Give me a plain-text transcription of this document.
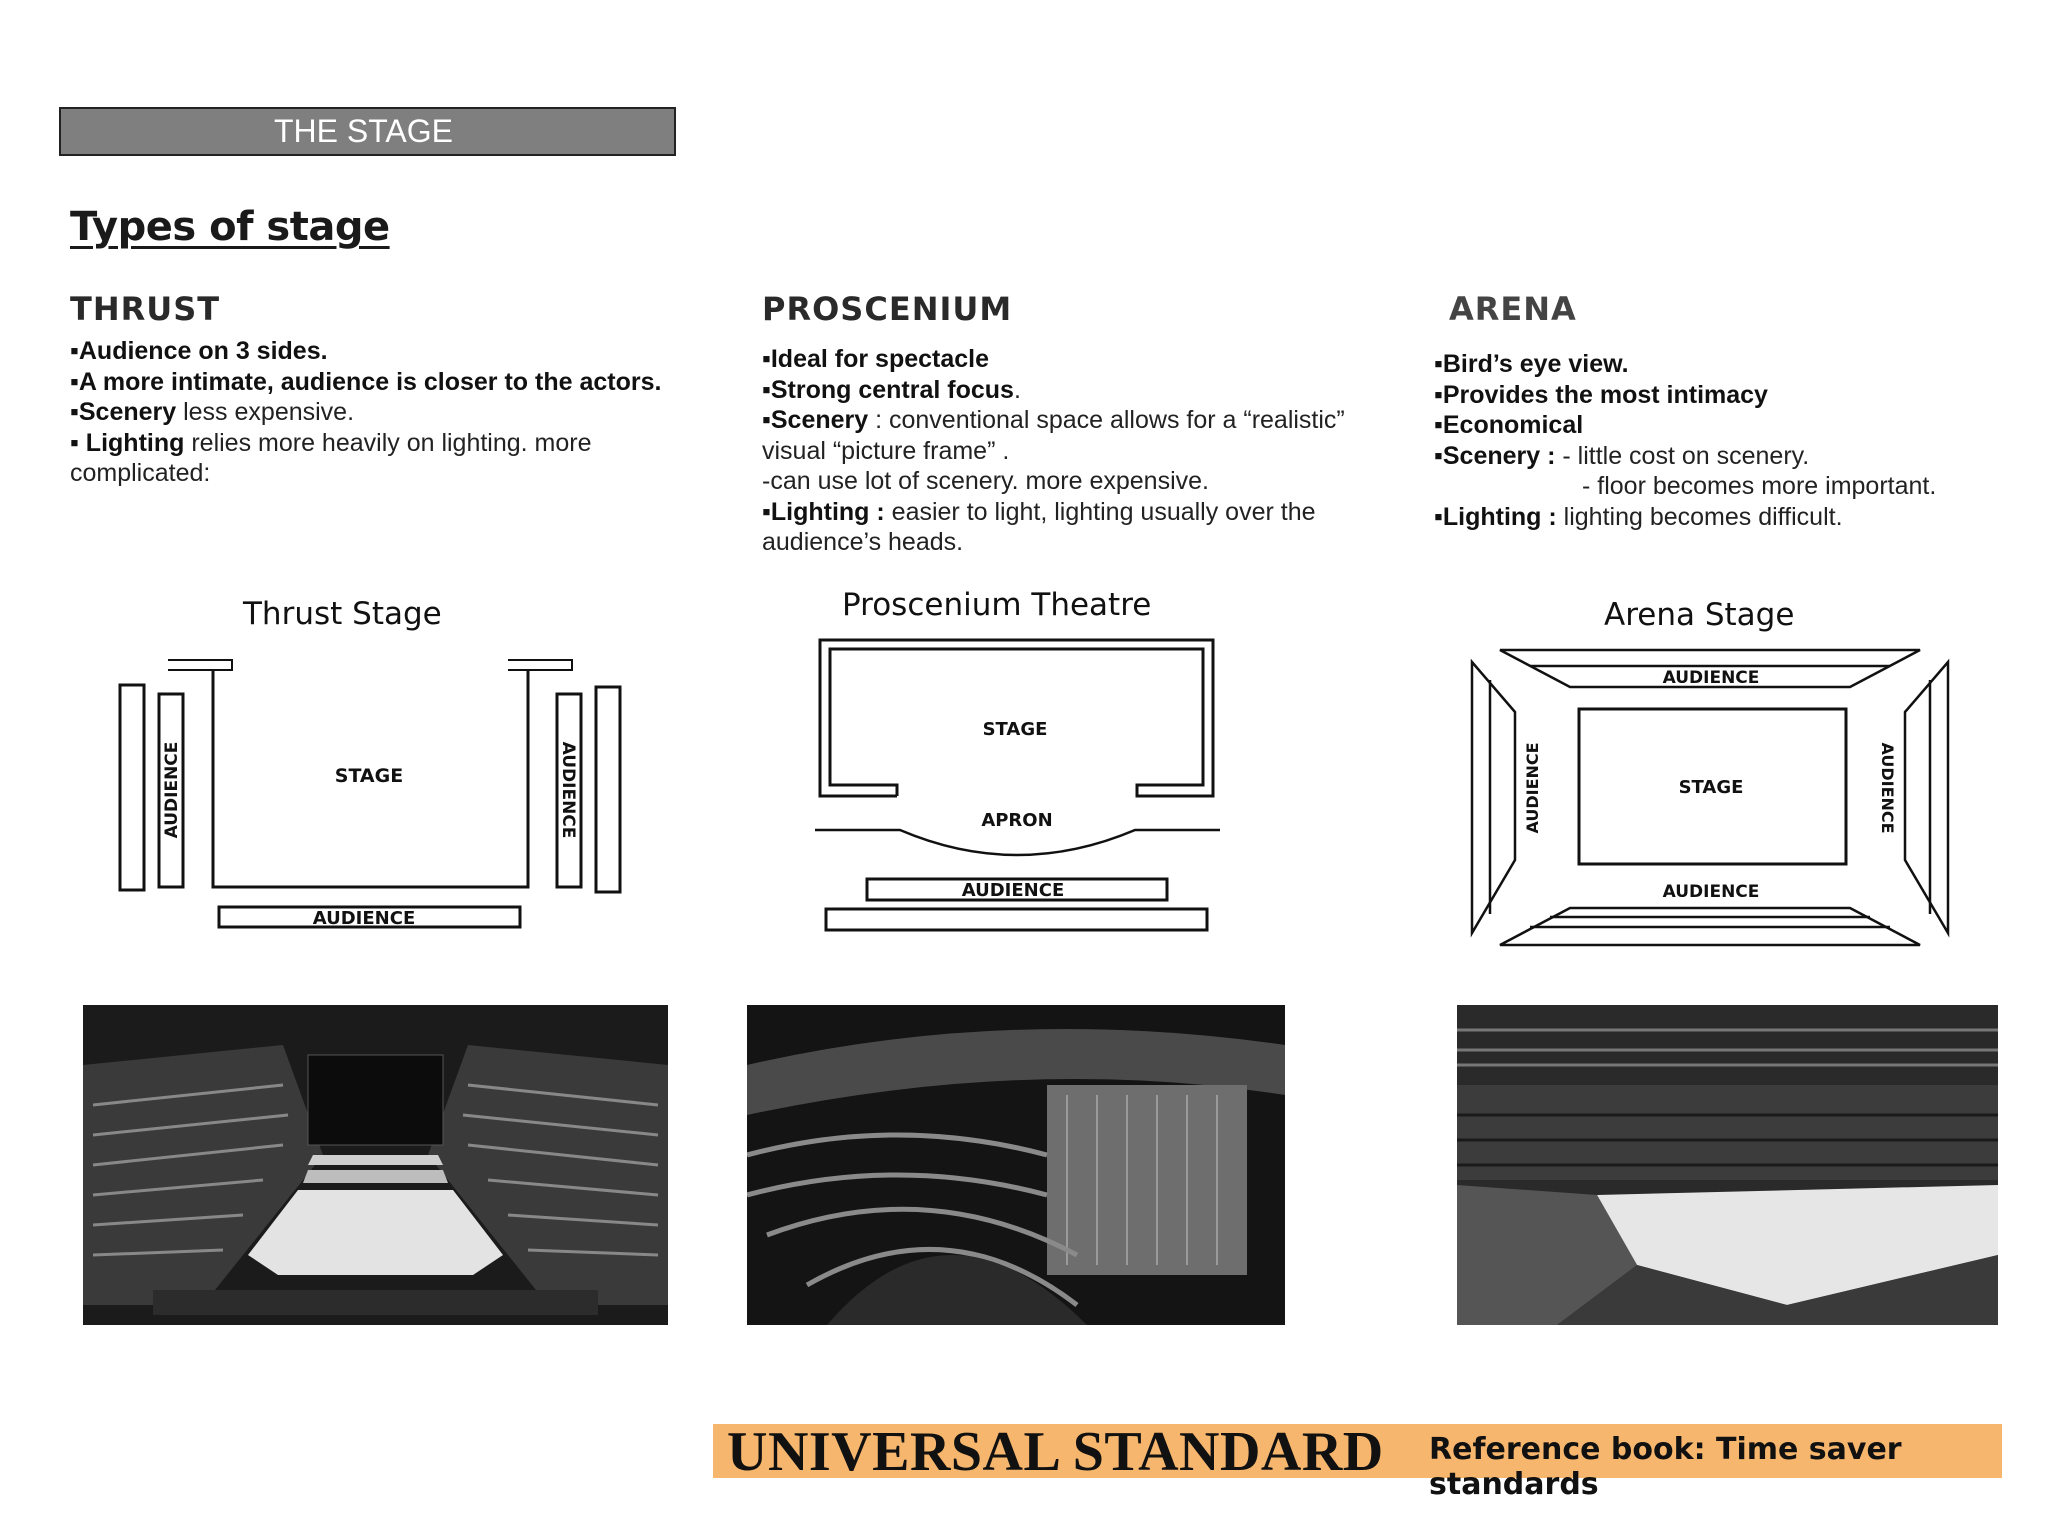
THE STAGE
Types of stage
THRUST	PROSCENIUM	ARENA

▪Audience on 3 sides.

▪A more intimate, audience is closer to the actors.

▪Scenery less expensive.

▪ Lighting relies more heavily on lighting. more complicated:

▪Ideal for spectacle

▪Strong central focus.

▪Scenery : conventional space allows for a “realistic” visual “picture frame” .

-can use lot of scenery. more expensive.

▪Lighting : easier to light, lighting usually over the audience’s heads.

▪Bird’s eye view.

▪Provides the most intimacy

▪Economical

▪Scenery : - little cost on scenery.

- floor becomes more important.

▪Lighting : lighting becomes difficult.

Thrust Stage	Proscenium Theatre	Arena Stage
STAGE
AUDIENCE	AUDIENCE
AUDIENCE
STAGE
APRON
AUDIENCE
AUDIENCE
STAGE
AUDIENCE
AUDIENCE	AUDIENCE
UNIVERSAL STANDARD Reference book: Time saver standards
